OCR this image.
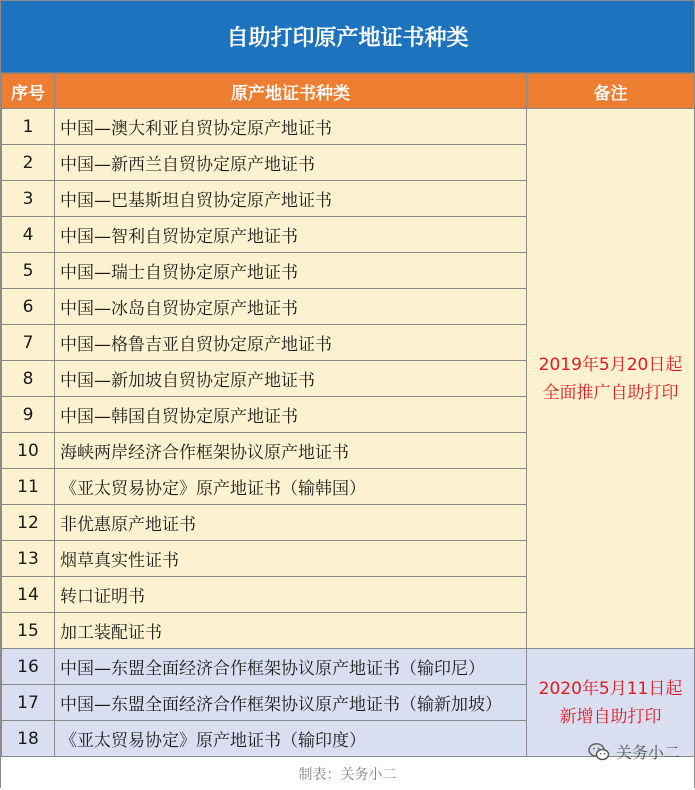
自助打印原产地证书种类
序号	原产地证书种类	备注
1	中国—澳大利亚自贸协定原产地证书	2019年5月20日起
全面推广自助打印
2	中国—新西兰自贸协定原产地证书	
3	中国—巴基斯坦自贸协定原产地证书	
4	中国—智利自贸协定原产地证书	
5	中国—瑞士自贸协定原产地证书	
6	中国—冰岛自贸协定原产地证书	
7	中国—格鲁吉亚自贸协定原产地证书	
8	中国—新加坡自贸协定原产地证书	
9	中国—韩国自贸协定原产地证书	
10	海峡两岸经济合作框架协议原产地证书	
11	《亚太贸易协定》原产地证书（输韩国）	
12	非优惠原产地证书	
13	烟草真实性证书	
14	转口证明书	
15	加工装配证书	
16	中国—东盟全面经济合作框架协议原产地证书（输印尼）	2020年5月11日起
新增自助打印
17	中国—东盟全面经济合作框架协议原产地证书（输新加坡）	
18	《亚太贸易协定》原产地证书（输印度）	
制表：关务小二
关务小二
